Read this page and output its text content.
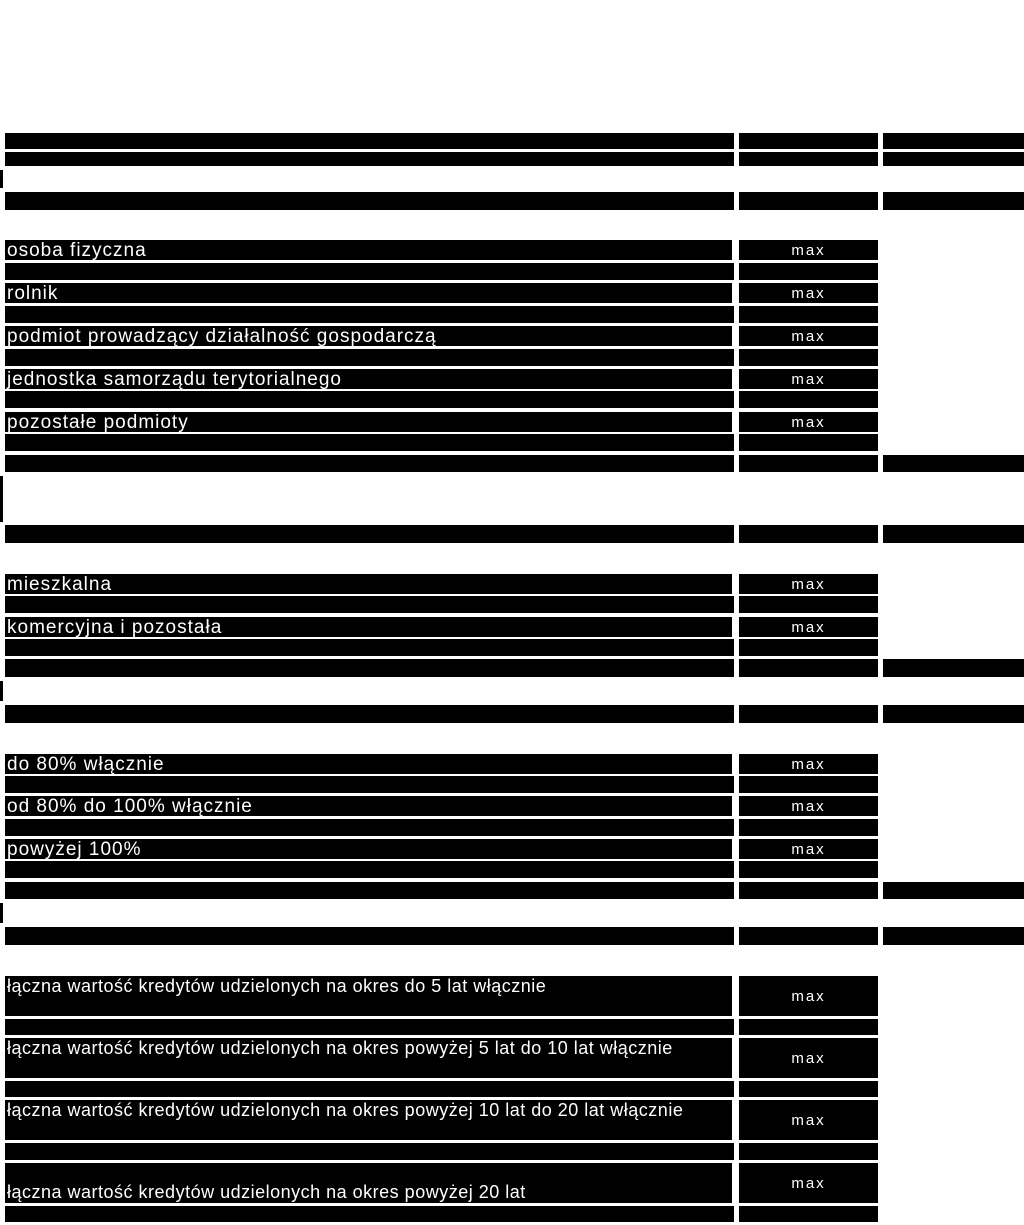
osoba fizyczna	max
rolnik	max
podmiot prowadzący działalność gospodarczą	max
jednostka samorządu terytorialnego	max
pozostałe podmioty	max
mieszkalna	max
komercyjna i pozostała	max
do 80% włącznie	max
od 80% do 100% włącznie	max
powyżej 100%	max
łączna wartość kredytów udzielonych na okres do 5 lat włącznie	max
łączna wartość kredytów udzielonych na okres powyżej 5 lat do 10 lat włącznie	max
łączna wartość kredytów udzielonych na okres powyżej 10 lat do 20 lat włącznie	max
łączna wartość kredytów udzielonych na okres powyżej 20 lat	max
